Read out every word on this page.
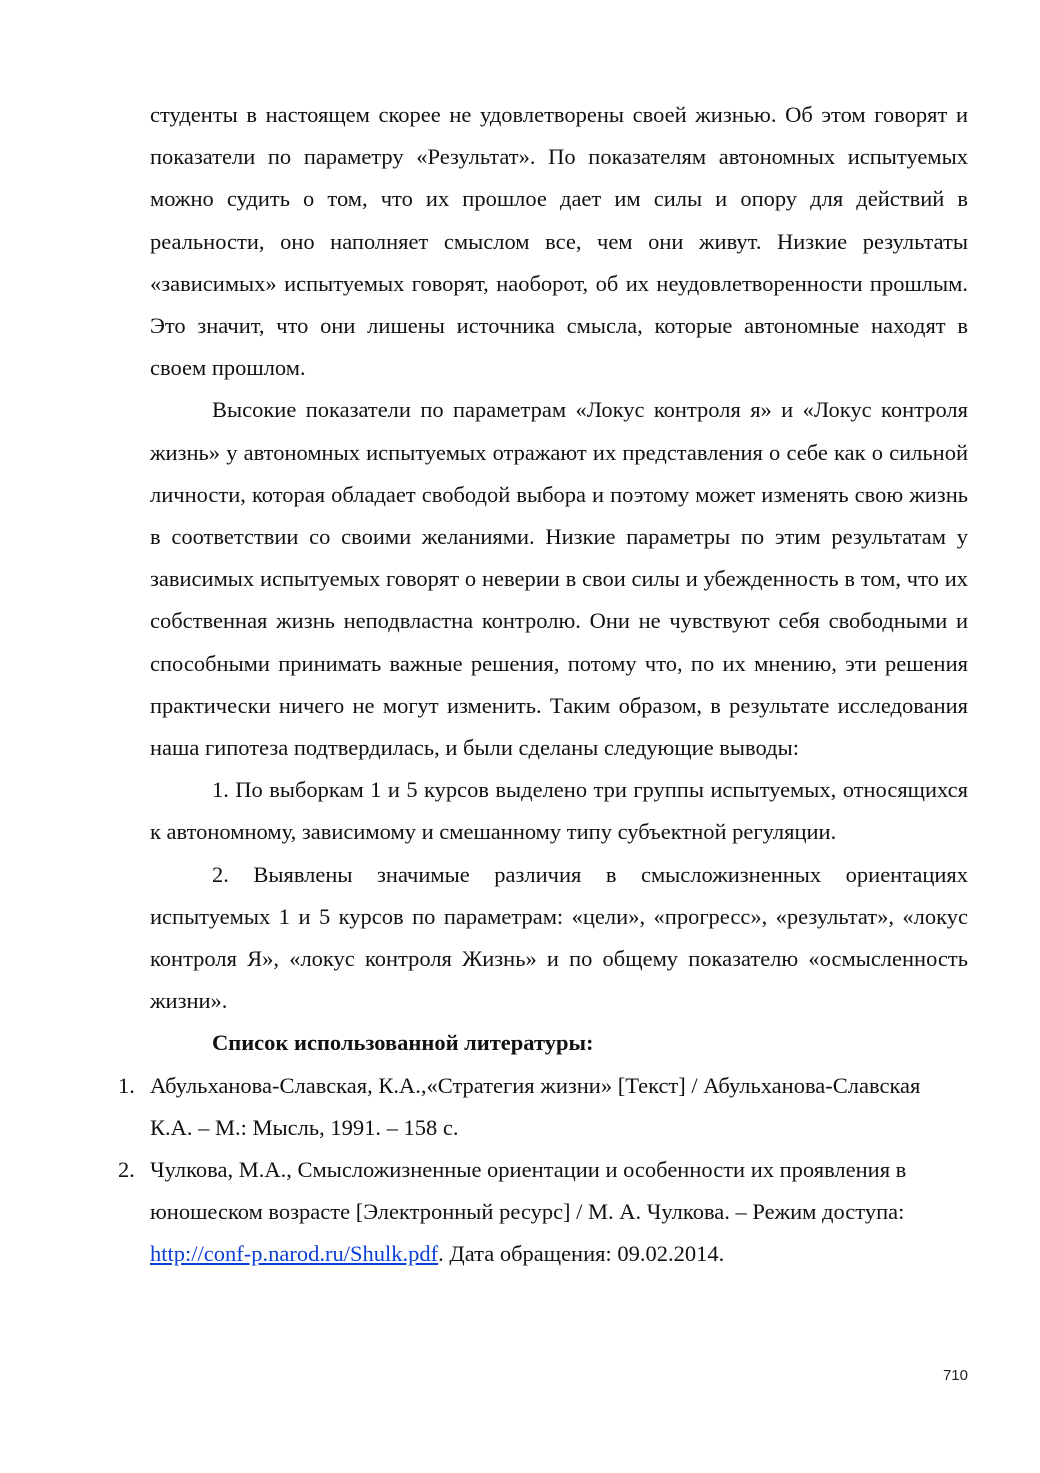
студенты в настоящем скорее не удовлетворены своей жизнью. Об этом говорят и показатели по параметру «Результат». По показателям автономных испытуемых можно судить о том, что их прошлое дает им силы и опору для действий в реальности, оно наполняет смыслом все, чем они живут. Низкие результаты «зависимых» испытуемых говорят, наоборот, об их неудовлетворенности прошлым. Это значит, что они лишены источника смысла, которые автономные находят в своем прошлом.

Высокие показатели по параметрам «Локус контроля я» и «Локус контроля жизнь» у автономных испытуемых отражают их представления о себе как о сильной личности, которая обладает свободой выбора и поэтому может изменять свою жизнь в соответствии со своими желаниями. Низкие параметры по этим результатам у зависимых испытуемых говорят о неверии в свои силы и убежденность в том, что их собственная жизнь неподвластна контролю. Они не чувствуют себя свободными и способными принимать важные решения, потому что, по их мнению, эти решения практически ничего не могут изменить. Таким образом, в результате исследования наша гипотеза подтвердилась, и были сделаны следующие выводы:

1. По выборкам 1 и 5 курсов выделено три группы испытуемых, относящихся к автономному, зависимому и смешанному типу субъектной регуляции.

2. Выявлены значимые различия в смысложизненных ориентациях испытуемых 1 и 5 курсов по параметрам: «цели», «прогресс», «результат», «локус контроля Я», «локус контроля Жизнь» и по общему показателю «осмысленность жизни».

Список использованной литературы:
1. Абульханова-Славская, К.А.,«Стратегия жизни» [Текст] / Абульханова-Славская К.А. – М.: Мысль, 1991. – 158 с.
2. Чулкова, М.А., Смысложизненные ориентации и особенности их проявления в юношеском возрасте [Электронный ресурс] / М. А. Чулкова. – Режим доступа: http://conf-p.narod.ru/Shulk.pdf. Дата обращения: 09.02.2014.
710
